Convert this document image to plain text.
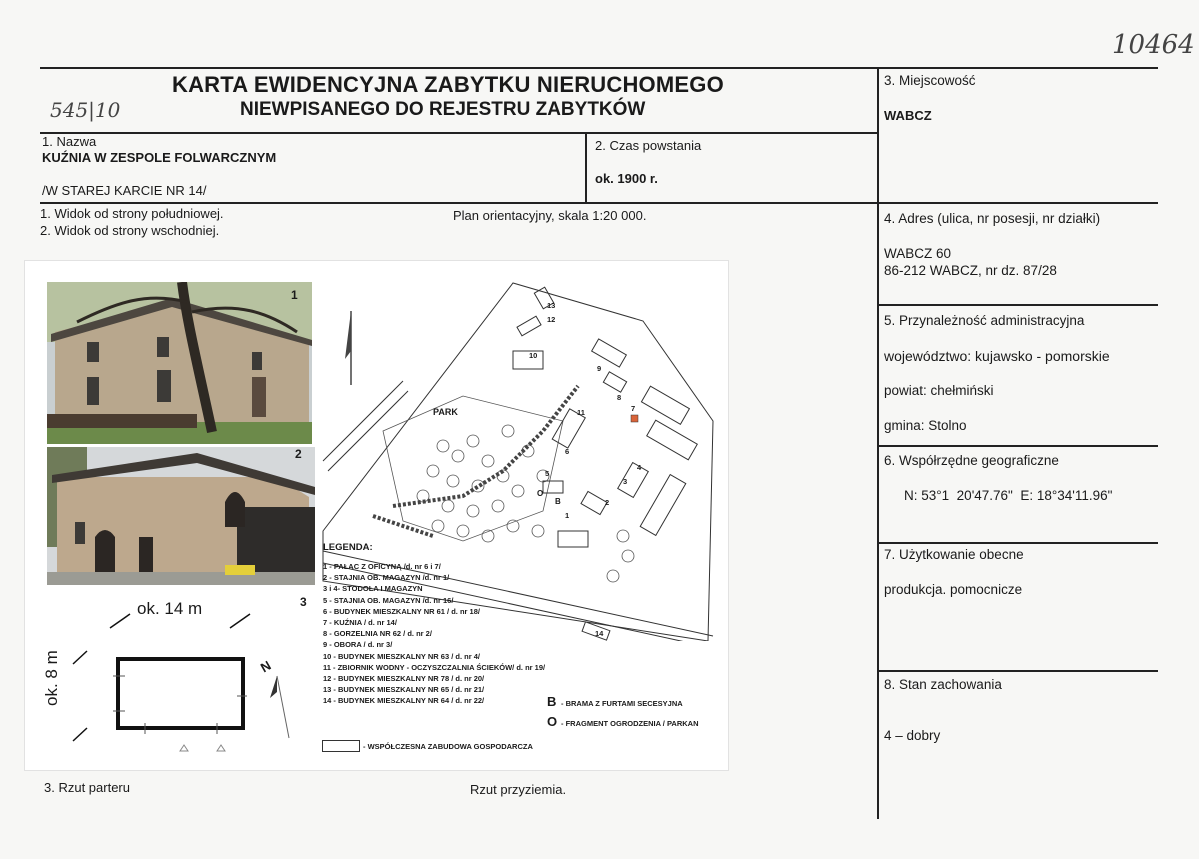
10464
545|10
KARTA EWIDENCYJNA ZABYTKU NIERUCHOMEGO
NIEWPISANEGO DO REJESTRU ZABYTKÓW
1. Nazwa
KUŹNIA W ZESPOLE FOLWARCZNYM
/W STAREJ KARCIE NR 14/
2. Czas powstania
ok. 1900 r.
3. Miejscowość
WABCZ
4. Adres (ulica, nr posesji, nr działki)
WABCZ 60
86-212 WABCZ, nr dz. 87/28
5. Przynależność administracyjna
województwo: kujawsko - pomorskie
powiat: chełmiński
gmina: Stolno
6. Współrzędne geograficzne
N: 53°1  20'47.76"  E: 18°34'11.96"
7. Użytkowanie obecne
produkcja. pomocnicze
8. Stan zachowania
4 – dobry
1. Widok od strony południowej.
2. Widok od strony wschodniej.
Plan orientacyjny, skala 1:20 000.
3. Rzut parteru	Rzut przyziemia.
1
2
3
ok. 14 m
ok. 8 m	N
PARK
13
12
10
9
8
7
11
4
6
3
5
2
1
B
O
14
LEGENDA:
1 - PAŁAC Z OFICYNĄ /d. nr 6 i 7/
2 - STAJNIA OB. MAGAZYN /d. nr 1/
3 i 4- STODOŁA I MAGAZYN
5 - STAJNIA OB. MAGAZYN /d. nr 16/
6 - BUDYNEK MIESZKALNY NR 61 / d. nr 18/
7 - KUŹNIA / d. nr 14/
8 - GORZELNIA NR 62 / d. nr 2/
9 - OBORA / d. nr 3/
10 - BUDYNEK MIESZKALNY NR 63 / d. nr 4/
11 - ZBIORNIK WODNY - OCZYSZCZALNIA ŚCIEKÓW/ d. nr 19/
12 - BUDYNEK MIESZKALNY NR 78 / d. nr 20/
13 - BUDYNEK MIESZKALNY NR 65 / d. nr 21/
14 - BUDYNEK MIESZKALNY NR 64 / d. nr 22/	B - BRAMA Z FURTAMI SECESYJNA
O - FRAGMENT OGRODZENIA / PARKAN
- WSPÓŁCZESNA ZABUDOWA GOSPODARCZA
